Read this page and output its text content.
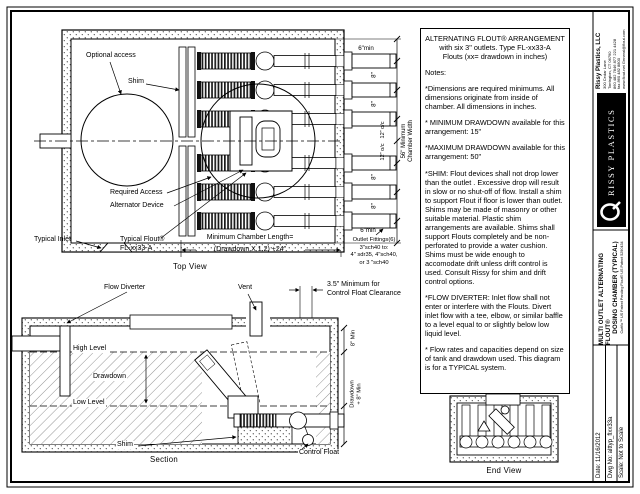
ALTERNATING FLOUT® ARRANGEMENT
with six 3" outlets. Type FL-xx33-A
Flouts (xx= drawdown in inches)
Notes:

*Dimensions are required minimums. All dimensions originate from inside of chamber. All dimensions in inches.

* MINIMUM DRAWDOWN available for this arrangement: 15"

*MAXIMUM DRAWDOWN available for this arrangement: 50"

*SHIM: Flout devices shall not drop lower than the outlet . Excessive drop will result in slow or no shut-off of flow. Install a shim to support Flout if floor is lower than outlet. Shims may be made of masonry or other suitable material. Plastic shim arrangements are available. Shims shall support Flouts completely and be non-perforated to provide a water cushion. Shims must be wide enough to accomodate drift unless drift control is used. Consult Rissy for shim and drift control options.

*FLOW DIVERTER: Inlet flow shall not enter or interfere with the Flouts. Divert inlet flow with a tee, elbow, or similar baffle to a level equal to or slightly below low liquid level.

* Flow rates and capacities depend on size of tank and drawdown used. This diagram is for a TYPICAL system.

Optional access
Shim
Required Access
Alternator Device
Typical Inlet	Typical Flout®
FL-xx33-A
Minimum Chamber Length=
(Drawdown X 1.2) +24"
Top View
Outlet Fittings(6)
3"sch40 to:
4" sdr35, 4"sch40,
or 3 "sch40
6"min
8"
8"
12" o/c
12" o/c
8"
8"
6"min
56" Minimum Chamber Width
Flow Diverter	Vent	3.5" Minimum for
Control Float Clearance
High Level
Drawdown
Low Level
Control Float
Shim
Section
8" Min
Drawdown + 8" Min
End View
RISSY PLASTICS
Rissy Plastics, LLC 300 Cedar Lane Torrington, CT 06790 860 482 7846 877 221 4428 fax 860 482 8800 www.flout.net General@flout.com
MULTI OUTLET ALTERNATING FLOUT® DOSING CHAMBER (TYPICAL) Curtflo™ US Patent Pending Flout® US Patent 5290434
Date: 11/16/2012 Dwg No: alttyp_flxx33a Scale: Not to Scale
